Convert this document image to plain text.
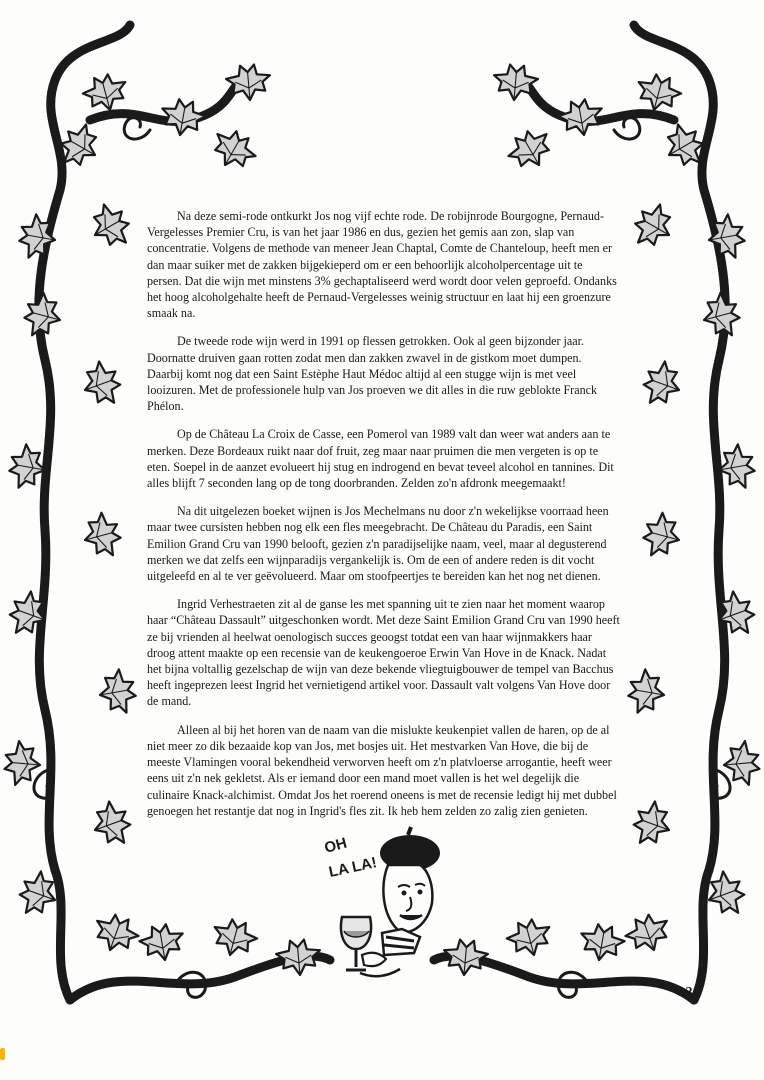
Na deze semi-rode ontkurkt Jos nog vijf echte rode. De robijnrode Bourgogne, Pernaud-Vergelesses Premier Cru, is van het jaar 1986 en dus, gezien het gemis aan zon, slap van concentratie. Volgens de methode van meneer Jean Chaptal, Comte de Chanteloup, heeft men er dan maar suiker met de zakken bijgekieperd om er een behoorlijk alcoholpercentage uit te persen. Dat die wijn met minstens 3% gechaptaliseerd werd wordt door velen geproefd. Ondanks het hoog alcoholgehalte heeft de Pernaud-Vergelesses weinig structuur en laat hij een groenzure smaak na.

De tweede rode wijn werd in 1991 op flessen getrokken. Ook al geen bijzonder jaar. Doornatte druiven gaan rotten zodat men dan zakken zwavel in de gistkom moet dumpen. Daarbij komt nog dat een Saint Estèphe Haut Médoc altijd al een stugge wijn is met veel looizuren. Met de professionele hulp van Jos proeven we dit alles in die ruw geblokte Franck Phélon.

Op de Château La Croix de Casse, een Pomerol van 1989 valt dan weer wat anders aan te merken. Deze Bordeaux ruikt naar dof fruit, zeg maar naar pruimen die men vergeten is op te eten. Soepel in de aanzet evolueert hij stug en indrogend en bevat teveel alcohol en tannines. Dit alles blijft 7 seconden lang op de tong doorbranden. Zelden zo'n afdronk meegemaakt!

Na dit uitgelezen boeket wijnen is Jos Mechelmans nu door z'n wekelijkse voorraad heen maar twee cursisten hebben nog elk een fles meegebracht. De Château du Paradis, een Saint Emilion Grand Cru van 1990 belooft, gezien z'n paradijselijke naam, veel, maar al degusterend merken we dat zelfs een wijnparadijs vergankelijk is. Om de een of andere reden is dit vocht uitgeleefd en al te ver geëvolueerd. Maar om stoofpeertjes te bereiden kan het nog net dienen.

Ingrid Verhestraeten zit al de ganse les met spanning uit te zien naar het moment waarop haar “Château Dassault” uitgeschonken wordt. Met deze Saint Emilion Grand Cru van 1990 heeft ze bij vrienden al heelwat oenologisch succes geoogst totdat een van haar wijnmakkers haar droog attent maakte op een recensie van de keukengoeroe Erwin Van Hove in de Knack. Nadat het bijna voltallig gezelschap de wijn van deze bekende vliegtuigbouwer de tempel van Bacchus heeft ingeprezen leest Ingrid het vernietigend artikel voor. Dassault valt volgens Van Hove door de mand.

Alleen al bij het horen van de naam van die mislukte keukenpiet vallen de haren, op de al niet meer zo dik bezaaide kop van Jos, met bosjes uit. Het mestvarken Van Hove, die bij de meeste Vlamingen vooral bekendheid verworven heeft om z'n platvloerse arrogantie, heeft weer eens uit z'n nek gekletst. Als er iemand door een mand moet vallen is het wel degelijk die culinaire Knack-alchimist. Omdat Jos het roerend oneens is met de recensie ledigt hij met dubbel genoegen het restantje dat nog in Ingrid's fles zit. Ik heb hem zelden zo zalig zien genieten.

OH
LA LA!
12
